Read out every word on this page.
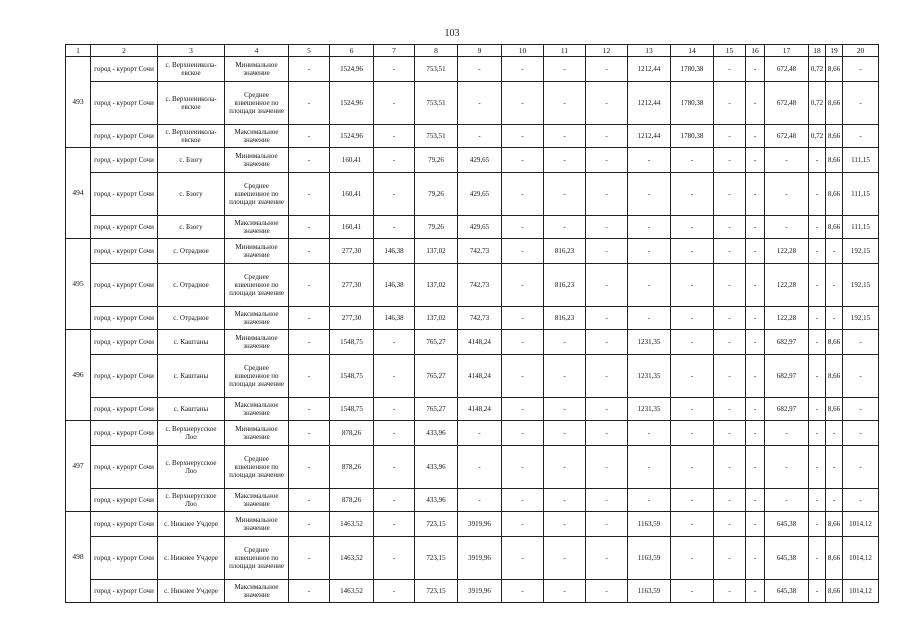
103
1	2	3	4	5	6	7	8	9	10	11	12	13	14	15	16	17	18	19	20
493	город - курорт Сочи	с. Верхненикола-евское	Минимальное значение	-	1524,96	-	753,51	-	-	-	-	1212,44	1780,38	-	-	672,48	0,72	8,66	-
	город - курорт Сочи	с. Верхненикола-евское	Среднее взвешенное по площади значение	-	1524,96	-	753,51	-	-	-	-	1212,44	1780,38	-	-	672,48	0,72	8,66	-
	город - курорт Сочи	с. Верхненикола-евское	Максимальное значение	-	1524,96	-	753,51	-	-	-	-	1212,44	1780,38	-	-	672,48	0,72	8,66	-
494	город - курорт Сочи	с. Бзогу	Минимальное значение	-	160,41	-	79,26	429,65	-	-	-	-	-	-	-	-	-	8,66	111,15
	город - курорт Сочи	с. Бзогу	Среднее взвешенное по площади значение	-	160,41	-	79,26	429,65	-	-	-	-	-	-	-	-	-	8,66	111,15
	город - курорт Сочи	с. Бзогу	Максимальное значение	-	160,41	-	79,26	429,65	-	-	-	-	-	-	-	-	-	8,66	111,15
495	город - курорт Сочи	с. Отрадное	Минимальное значение	-	277,30	146,38	137,02	742,73	-	816,23	-	-	-	-	-	122,28	-	-	192,15
	город - курорт Сочи	с. Отрадное	Среднее взвешенное по площади значение	-	277,30	146,38	137,02	742,73	-	816,23	-	-	-	-	-	122,28	-	-	192,15
	город - курорт Сочи	с. Отрадное	Максимальное значение	-	277,30	146,38	137,02	742,73	-	816,23	-	-	-	-	-	122,28	-	-	192,15
496	город - курорт Сочи	с. Каштаны	Минимальное значение	-	1548,75	-	765,27	4148,24	-	-	-	1231,35	-	-	-	682,97	-	8,66	-
	город - курорт Сочи	с. Каштаны	Среднее взвешенное по площади значение	-	1548,75	-	765,27	4148,24	-	-	-	1231,35	-	-	-	682,97	-	8,66	-
	город - курорт Сочи	с. Каштаны	Максимальное значение	-	1548,75	-	765,27	4148,24	-	-	-	1231,35	-	-	-	682,97	-	8,66	-
497	город - курорт Сочи	с. Верхнерусское Лоо	Минимальное значение	-	878,26	-	433,96	-	-	-	-	-	-	-	-	-	-	-	-
	город - курорт Сочи	с. Верхнерусское Лоо	Среднее взвешенное по площади значение	-	878,26	-	433,96	-	-	-	-	-	-	-	-	-	-	-	-
	город - курорт Сочи	с. Верхнерусское Лоо	Максимальное значение	-	878,26	-	433,96	-	-	-	-	-	-	-	-	-	-	-	-
498	город - курорт Сочи	с. Нижнее Учдере	Минимальное значение	-	1463,52	-	723,15	3919,96	-	-	-	1163,59	-	-	-	645,38	-	8,66	1014,12
	город - курорт Сочи	с. Нижнее Учдере	Среднее взвешенное по площади значение	-	1463,52	-	723,15	3919,96	-	-	-	1163,59	-	-	-	645,38	-	8,66	1014,12
	город - курорт Сочи	с. Нижнее Учдере	Максимальное значение	-	1463,52	-	723,15	3919,96	-	-	-	1163,59	-	-	-	645,38	-	8,66	1014,12
